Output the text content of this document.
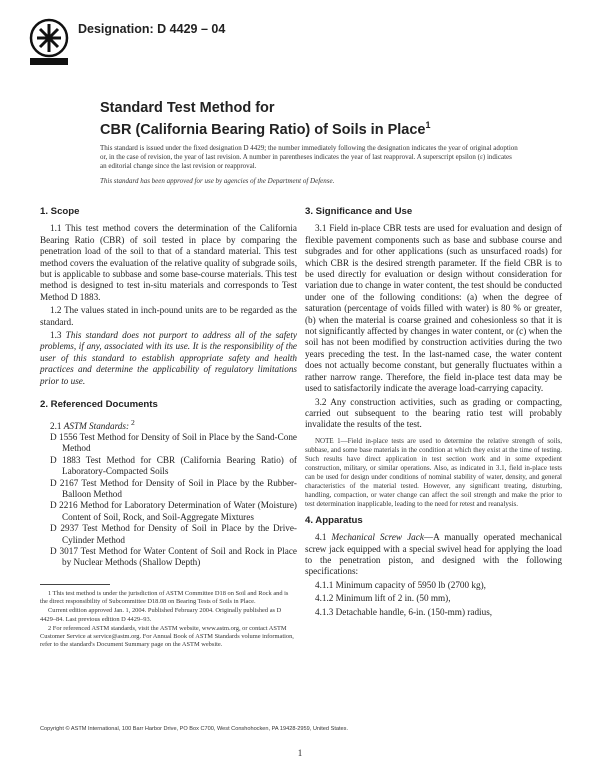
Designation: D 4429 – 04
Standard Test Method for
CBR (California Bearing Ratio) of Soils in Place$^1$

This standard is issued under the fixed designation D 4429; the number immediately following the designation indicates the year of original adoption or, in the case of revision, the year of last revision. A number in parentheses indicates the year of last reapproval. A superscript epsilon (ε) indicates an editorial change since the last revision or reapproval.

This standard has been approved for use by agencies of the Department of Defense.

1. Scope

1.1 This test method covers the determination of the California Bearing Ratio (CBR) of soil tested in place by comparing the penetration load of the soil to that of a standard material. This test method covers the evaluation of the relative quality of subgrade soils, but is applicable to subbase and some base-course materials. This test method is designed to test in-situ materials and corresponds to Test Method D 1883.

1.2 The values stated in inch-pound units are to be regarded as the standard.

1.3 This standard does not purport to address all of the safety problems, if any, associated with its use. It is the responsibility of the user of this standard to establish appropriate safety and health practices and determine the applicability of regulatory limitations prior to use.

2. Referenced Documents

2.1 ASTM Standards: $^2$

D 1556 Test Method for Density of Soil in Place by the Sand-Cone Method

D 1883 Test Method for CBR (California Bearing Ratio) of Laboratory-Compacted Soils

D 2167 Test Method for Density of Soil in Place by the Rubber-Balloon Method

D 2216 Method for Laboratory Determination of Water (Moisture) Content of Soil, Rock, and Soil-Aggregate Mixtures

D 2937 Test Method for Density of Soil in Place by the Drive-Cylinder Method

D 3017 Test Method for Water Content of Soil and Rock in Place by Nuclear Methods (Shallow Depth)

1 This test method is under the jurisdiction of ASTM Committee D18 on Soil and Rock and is the direct responsibility of Subcommittee D18.08 on Bearing Tests of Soils in Place.

Current edition approved Jan. 1, 2004. Published February 2004. Originally published as D 4429–84. Last previous edition D 4429–93.

2 For referenced ASTM standards, visit the ASTM website, www.astm.org, or contact ASTM Customer Service at service@astm.org. For Annual Book of ASTM Standards volume information, refer to the standard's Document Summary page on the ASTM website.

3. Significance and Use

3.1 Field in-place CBR tests are used for evaluation and design of flexible pavement components such as base and subbase course and subgrades and for other applications (such as unsurfaced roads) for which CBR is the desired strength parameter. If the field CBR is to be used directly for evaluation or design without consideration for variation due to change in water content, the test should be conducted under one of the following conditions: (a) when the degree of saturation (percentage of voids filled with water) is 80 % or greater, (b) when the material is coarse grained and cohesionless so that it is not significantly affected by changes in water content, or (c) when the soil has not been modified by construction activities during the two years preceding the test. In the last-named case, the water content does not actually become constant, but generally fluctuates within a rather narrow range. Therefore, the field in-place test data may be used to satisfactorily indicate the average load-carrying capacity.

3.2 Any construction activities, such as grading or compacting, carried out subsequent to the bearing ratio test will probably invalidate the results of the test.

NOTE 1—Field in-place tests are used to determine the relative strength of soils, subbase, and some base materials in the condition at which they exist at the time of testing. Such results have direct application in test section work and in some expedient construction, military, or similar operations. Also, as indicated in 3.1, field in-place tests can be used for design under conditions of nominal stability of water, density, and general characteristics of the material tested. However, any significant treating, disturbing, handling, compaction, or water change can affect the soil strength and make the prior to test determination inapplicable, leading to the need for retest and reanalysis.

4. Apparatus

4.1 Mechanical Screw Jack—A manually operated mechanical screw jack equipped with a special swivel head for applying the load to the penetration piston, and designed with the following specifications:

4.1.1 Minimum capacity of 5950 lb (2700 kg),

4.1.2 Minimum lift of 2 in. (50 mm),

4.1.3 Detachable handle, 6-in. (150-mm) radius,

Copyright © ASTM International, 100 Barr Harbor Drive, PO Box C700, West Conshohocken, PA 19428-2959, United States.
1
